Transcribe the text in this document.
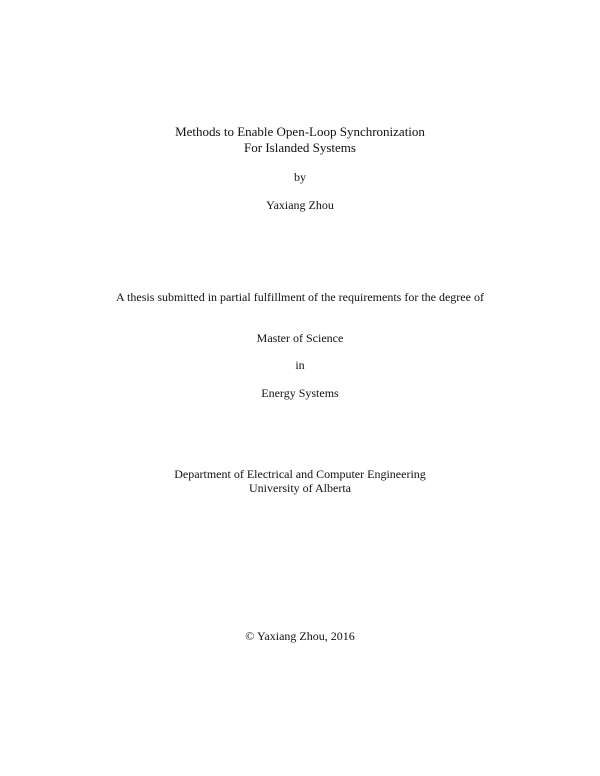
Methods to Enable Open-Loop Synchronization
For Islanded Systems
by
Yaxiang Zhou
A thesis submitted in partial fulfillment of the requirements for the degree of
Master of Science
in
Energy Systems
Department of Electrical and Computer Engineering
University of Alberta
© Yaxiang Zhou, 2016
